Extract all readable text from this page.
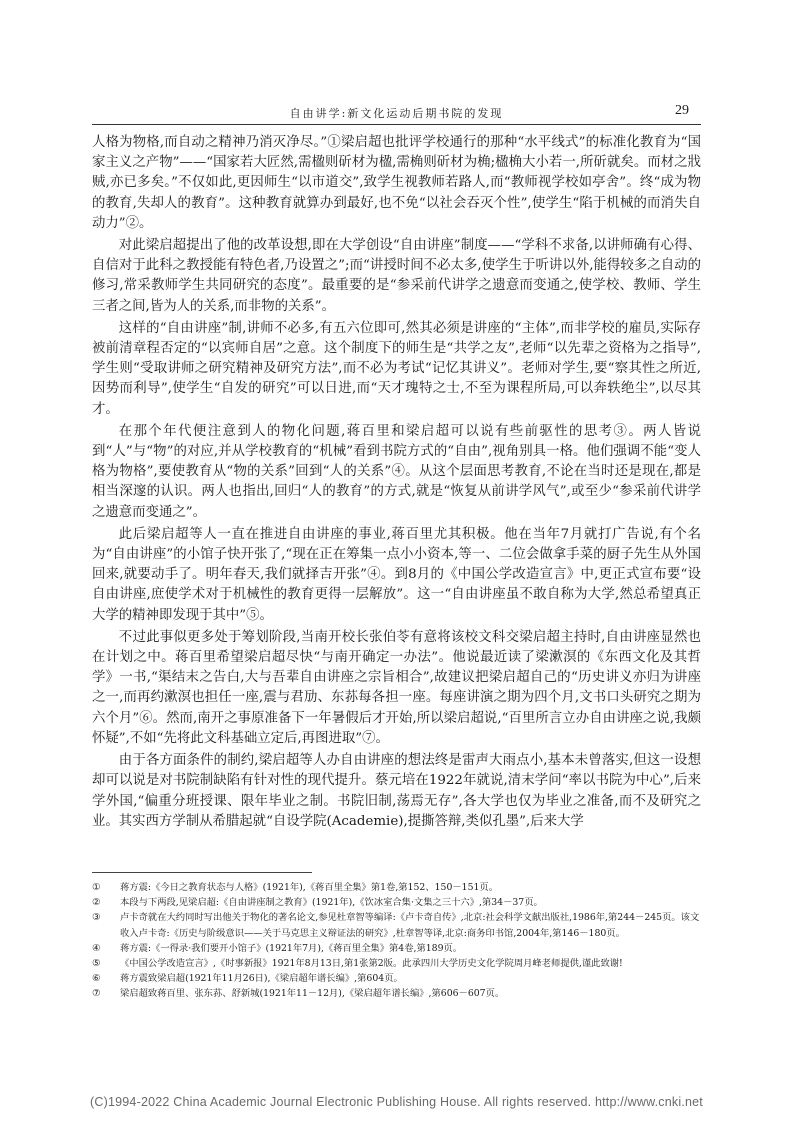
自由讲学:新文化运动后期书院的发现	29

人格为物格,而自动之精神乃消灭净尽。”①梁启超也批评学校通行的那种“水平线式”的标准化教育为“国家主义之产物”——“国家若大匠然,需楹则斫材为楹,需桷则斫材为桷;楹桷大小若一,所斫就矣。而材之戕贼,亦已多矣。”不仅如此,更因师生“以市道交”,致学生视教师若路人,而“教师视学校如亭舍”。终“成为物的教育,失却人的教育”。这种教育就算办到最好,也不免“以社会吞灭个性”,使学生“陷于机械的而消失自动力”②。

对此梁启超提出了他的改革设想,即在大学创设“自由讲座”制度——“学科不求备,以讲师确有心得、自信对于此科之教授能有特色者,乃设置之”;而“讲授时间不必太多,使学生于听讲以外,能得较多之自动的修习,常采教师学生共同研究的态度”。最重要的是“参采前代讲学之遗意而变通之,使学校、教师、学生三者之间,皆为人的关系,而非物的关系”。

这样的“自由讲座”制,讲师不必多,有五六位即可,然其必须是讲座的“主体”,而非学校的雇员,实际存被前清章程否定的“以宾师自居”之意。这个制度下的师生是“共学之友”,老师“以先辈之资格为之指导”,学生则“受取讲师之研究精神及研究方法”,而不必为考试“记忆其讲义”。老师对学生,要“察其性之所近,因势而利导”,使学生“自发的研究”可以日进,而“天才瑰特之士,不至为课程所局,可以奔轶绝尘”,以尽其才。

在那个年代便注意到人的物化问题,蒋百里和梁启超可以说有些前驱性的思考③。两人皆说到“人”与“物”的对应,并从学校教育的“机械”看到书院方式的“自由”,视角别具一格。他们强调不能“变人格为物格”,要使教育从“物的关系”回到“人的关系”④。从这个层面思考教育,不论在当时还是现在,都是相当深邃的认识。两人也指出,回归“人的教育”的方式,就是“恢复从前讲学风气”,或至少“参采前代讲学之遗意而变通之”。

此后梁启超等人一直在推进自由讲座的事业,蒋百里尤其积极。他在当年7月就打广告说,有个名为“自由讲座”的小馆子快开张了,“现在正在筹集一点小小资本,等一、二位会做拿手菜的厨子先生从外国回来,就要动手了。明年春天,我们就择吉开张”④。到8月的《中国公学改造宣言》中,更正式宣布要“设自由讲座,庶使学术对于机械性的教育更得一层解放”。这一“自由讲座虽不敢自称为大学,然总希望真正大学的精神即发现于其中”⑤。

不过此事似更多处于筹划阶段,当南开校长张伯苓有意将该校文科交梁启超主持时,自由讲座显然也在计划之中。蒋百里希望梁启超尽快“与南开确定一办法”。他说最近读了梁漱溟的《东西文化及其哲学》一书,“渠结末之告白,大与吾辈自由讲座之宗旨相合”,故建议把梁启超自己的“历史讲义亦归为讲座之一,而再约漱溟也担任一座,震与君劢、东荪每各担一座。每座讲演之期为四个月,文书口头研究之期为六个月”⑥。然而,南开之事原准备下一年暑假后才开始,所以梁启超说,“百里所言立办自由讲座之说,我颇怀疑”,不如“先将此文科基础立定后,再图进取”⑦。

由于各方面条件的制约,梁启超等人办自由讲座的想法终是雷声大雨点小,基本未曾落实,但这一设想却可以说是对书院制缺陷有针对性的现代提升。蔡元培在1922年就说,清末学问“率以书院为中心”,后来学外国,“偏重分班授课、限年毕业之制。书院旧制,荡焉无存”,各大学也仅为毕业之准备,而不及研究之业。其实西方学制从希腊起就“自设学院(Academie),提撕答辩,类似孔墨”,后来大学

① 蒋方震:《今日之教育状态与人格》(1921年),《蒋百里全集》第1卷,第152、150－151页。
② 本段与下两段,见梁启超:《自由讲座制之教育》(1921年),《饮冰室合集·文集之三十六》,第34－37页。
③ 卢卡奇就在大约同时写出他关于物化的著名论文,参见杜章智等编译:《卢卡奇自传》,北京:社会科学文献出版社,1986年,第244－245页。该文收入卢卡奇:《历史与阶级意识——关于马克思主义辩证法的研究》,杜章智等译,北京:商务印书馆,2004年,第146－180页。
④ 蒋方震:《一得录·我们要开小馆子》(1921年7月),《蒋百里全集》第4卷,第189页。
⑤ 《中国公学改造宣言》,《时事新报》1921年8月13日,第1张第2版。此承四川大学历史文化学院周月峰老师提供,谨此致谢!
⑥ 蒋方震致梁启超(1921年11月26日),《梁启超年谱长编》,第604页。
⑦ 梁启超致蒋百里、张东荪、舒新城(1921年11－12月),《梁启超年谱长编》,第606－607页。
(C)1994-2022 China Academic Journal Electronic Publishing House. All rights reserved. http://www.cnki.net
